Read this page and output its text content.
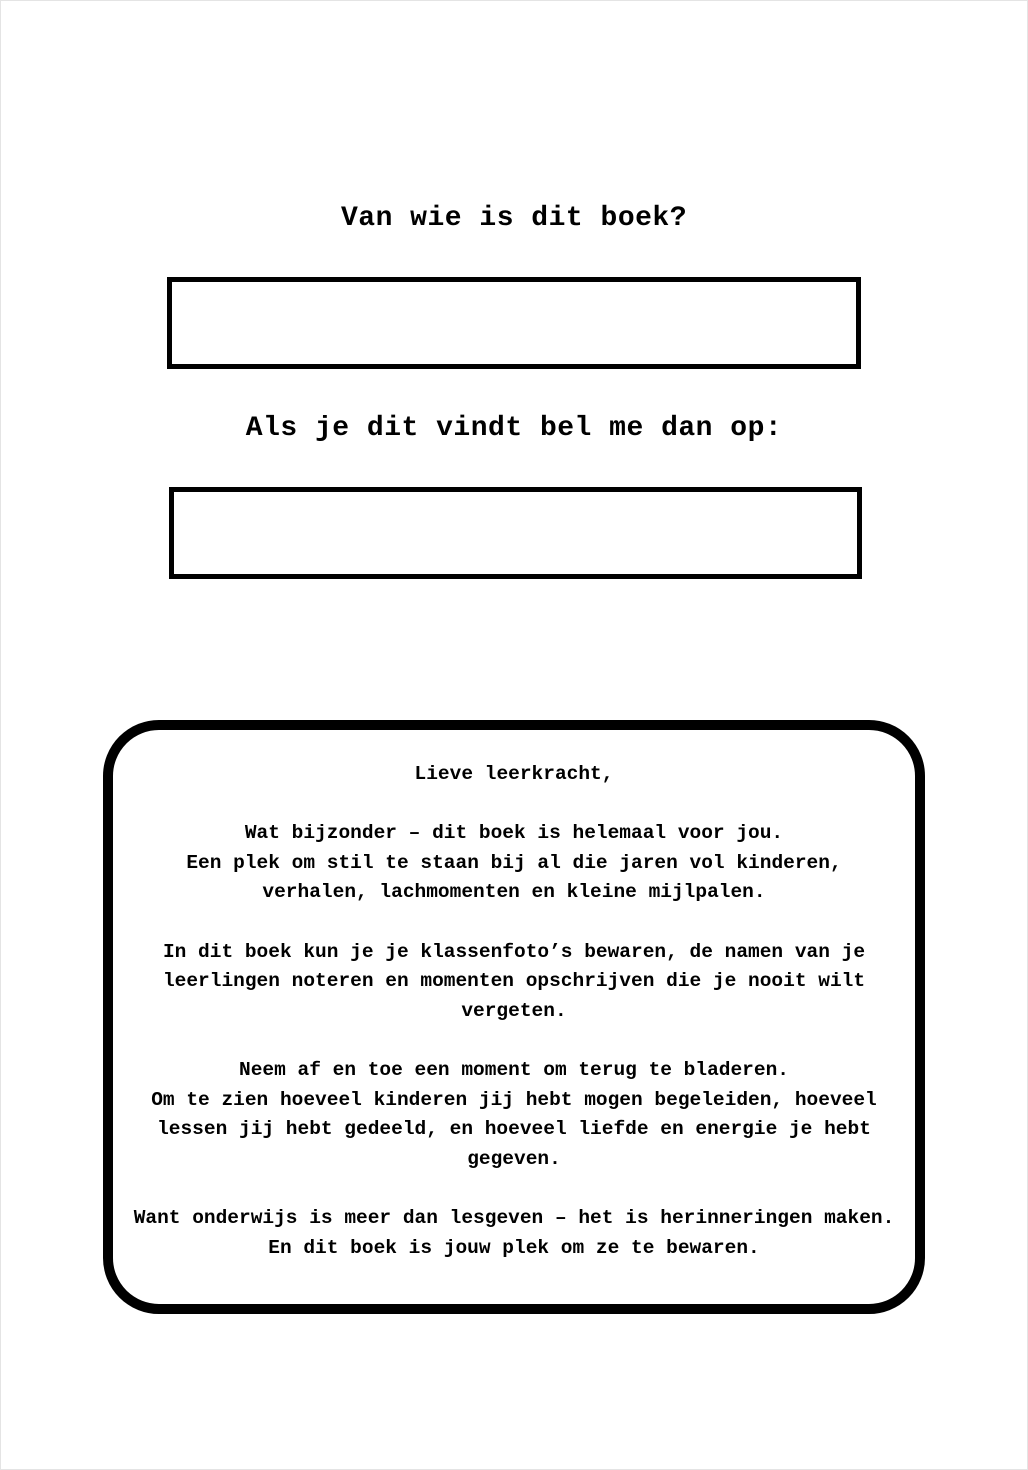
Van wie is dit boek?
Als je dit vindt bel me dan op:

Lieve leerkracht,

Wat bijzonder – dit boek is helemaal voor jou.
Een plek om stil te staan bij al die jaren vol kinderen, verhalen, lachmomenten en kleine mijlpalen.

In dit boek kun je je klassenfoto’s bewaren, de namen van je leerlingen noteren en momenten opschrijven die je nooit wilt vergeten.

Neem af en toe een moment om terug te bladeren.
Om te zien hoeveel kinderen jij hebt mogen begeleiden, hoeveel lessen jij hebt gedeeld, en hoeveel liefde en energie je hebt gegeven.

Want onderwijs is meer dan lesgeven – het is herinneringen maken.
En dit boek is jouw plek om ze te bewaren.
